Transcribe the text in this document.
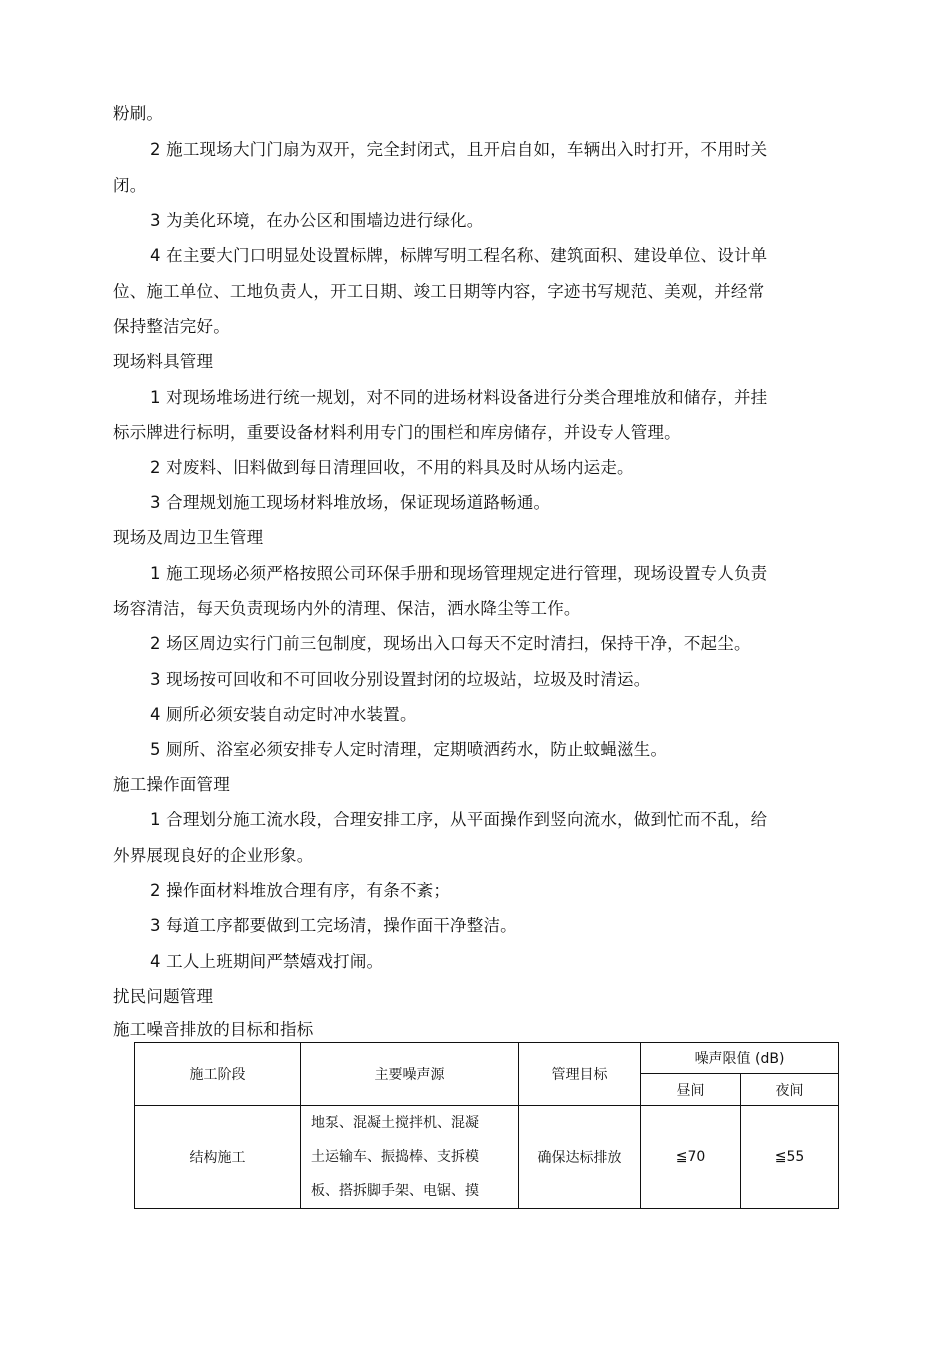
粉刷。
2 施工现场大门门扇为双开，完全封闭式，且开启自如，车辆出入时打开，不用时关
闭。
3 为美化环境，在办公区和围墙边进行绿化。
4 在主要大门口明显处设置标牌，标牌写明工程名称、建筑面积、建设单位、设计单
位、施工单位、工地负责人，开工日期、竣工日期等内容，字迹书写规范、美观，并经常
保持整洁完好。
现场料具管理
1 对现场堆场进行统一规划，对不同的进场材料设备进行分类合理堆放和储存，并挂
标示牌进行标明，重要设备材料利用专门的围栏和库房储存，并设专人管理。
2 对废料、旧料做到每日清理回收，不用的料具及时从场内运走。
3 合理规划施工现场材料堆放场，保证现场道路畅通。
现场及周边卫生管理
1 施工现场必须严格按照公司环保手册和现场管理规定进行管理，现场设置专人负责
场容清洁，每天负责现场内外的清理、保洁，洒水降尘等工作。
2 场区周边实行门前三包制度，现场出入口每天不定时清扫，保持干净，不起尘。
3 现场按可回收和不可回收分别设置封闭的垃圾站，垃圾及时清运。
4 厕所必须安装自动定时冲水装置。
5 厕所、浴室必须安排专人定时清理，定期喷洒药水，防止蚊蝇滋生。
施工操作面管理
1 合理划分施工流水段，合理安排工序，从平面操作到竖向流水，做到忙而不乱，给
外界展现良好的企业形象。
2 操作面材料堆放合理有序，有条不紊；
3 每道工序都要做到工完场清，操作面干净整洁。
4 工人上班期间严禁嬉戏打闹。
扰民问题管理
施工噪音排放的目标和指标
施工阶段	主要噪声源	管理目标	噪声限值 (dB)	
			昼间	夜间
结构施工	地泵、混凝土搅拌机、混凝
土运输车、振捣棒、支拆模
板、搭拆脚手架、电锯、摸	确保达标排放	≦70	≦55
